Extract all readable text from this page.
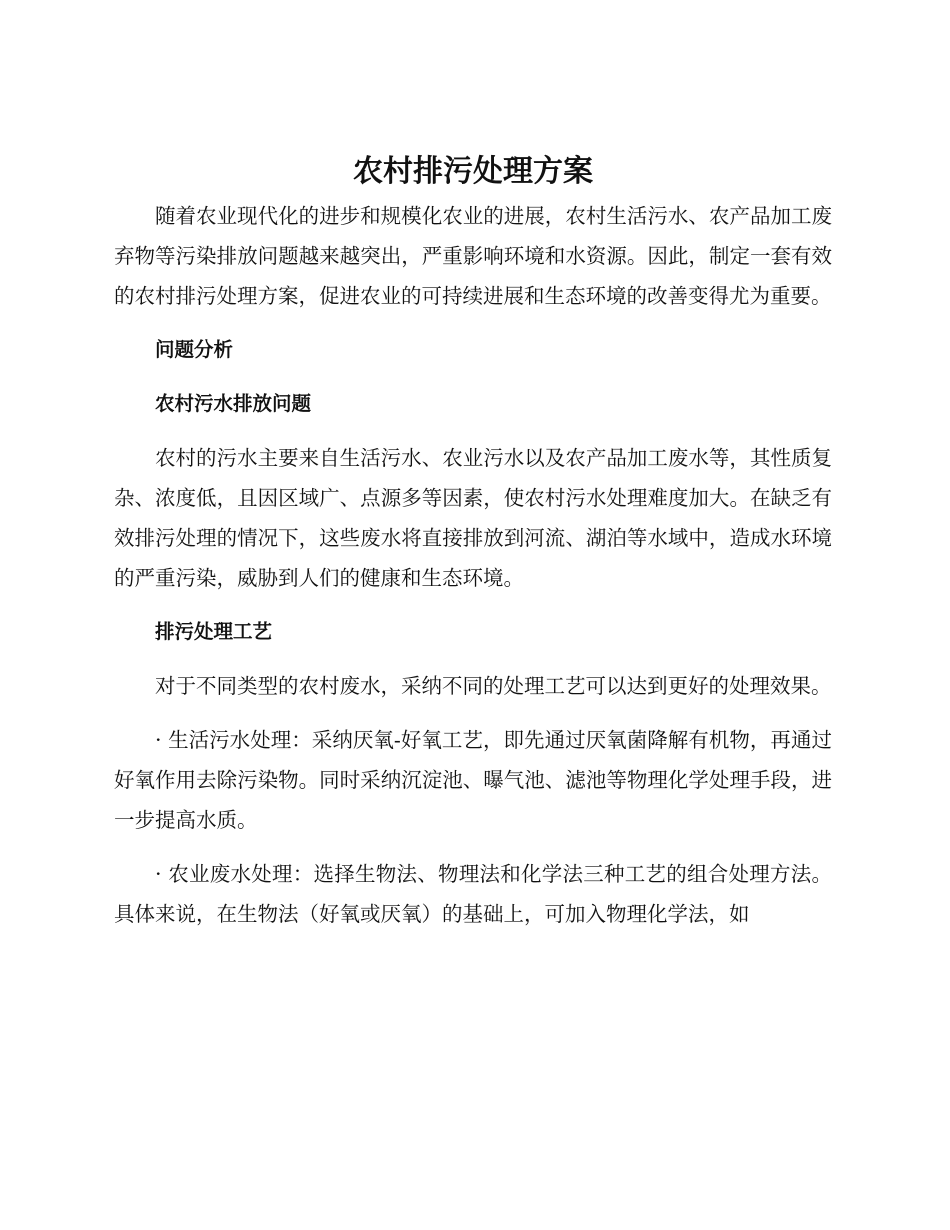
农村排污处理方案

随着农业现代化的进步和规模化农业的进展，农村生活污水、农产品加工废弃物等污染排放问题越来越突出，严重影响环境和水资源。因此，制定一套有效的农村排污处理方案，促进农业的可持续进展和生态环境的改善变得尤为重要。

问题分析

农村污水排放问题

农村的污水主要来自生活污水、农业污水以及农产品加工废水等，其性质复杂、浓度低，且因区域广、点源多等因素，使农村污水处理难度加大。在缺乏有效排污处理的情况下，这些废水将直接排放到河流、湖泊等水域中，造成水环境的严重污染，威胁到人们的健康和生态环境。

排污处理工艺

对于不同类型的农村废水，采纳不同的处理工艺可以达到更好的处理效果。

· 生活污水处理：采纳厌氧-好氧工艺，即先通过厌氧菌降解有机物，再通过好氧作用去除污染物。同时采纳沉淀池、曝气池、滤池等物理化学处理手段，进一步提高水质。

· 农业废水处理：选择生物法、物理法和化学法三种工艺的组合处理方法。具体来说，在生物法（好氧或厌氧）的基础上，可加入物理化学法，如
